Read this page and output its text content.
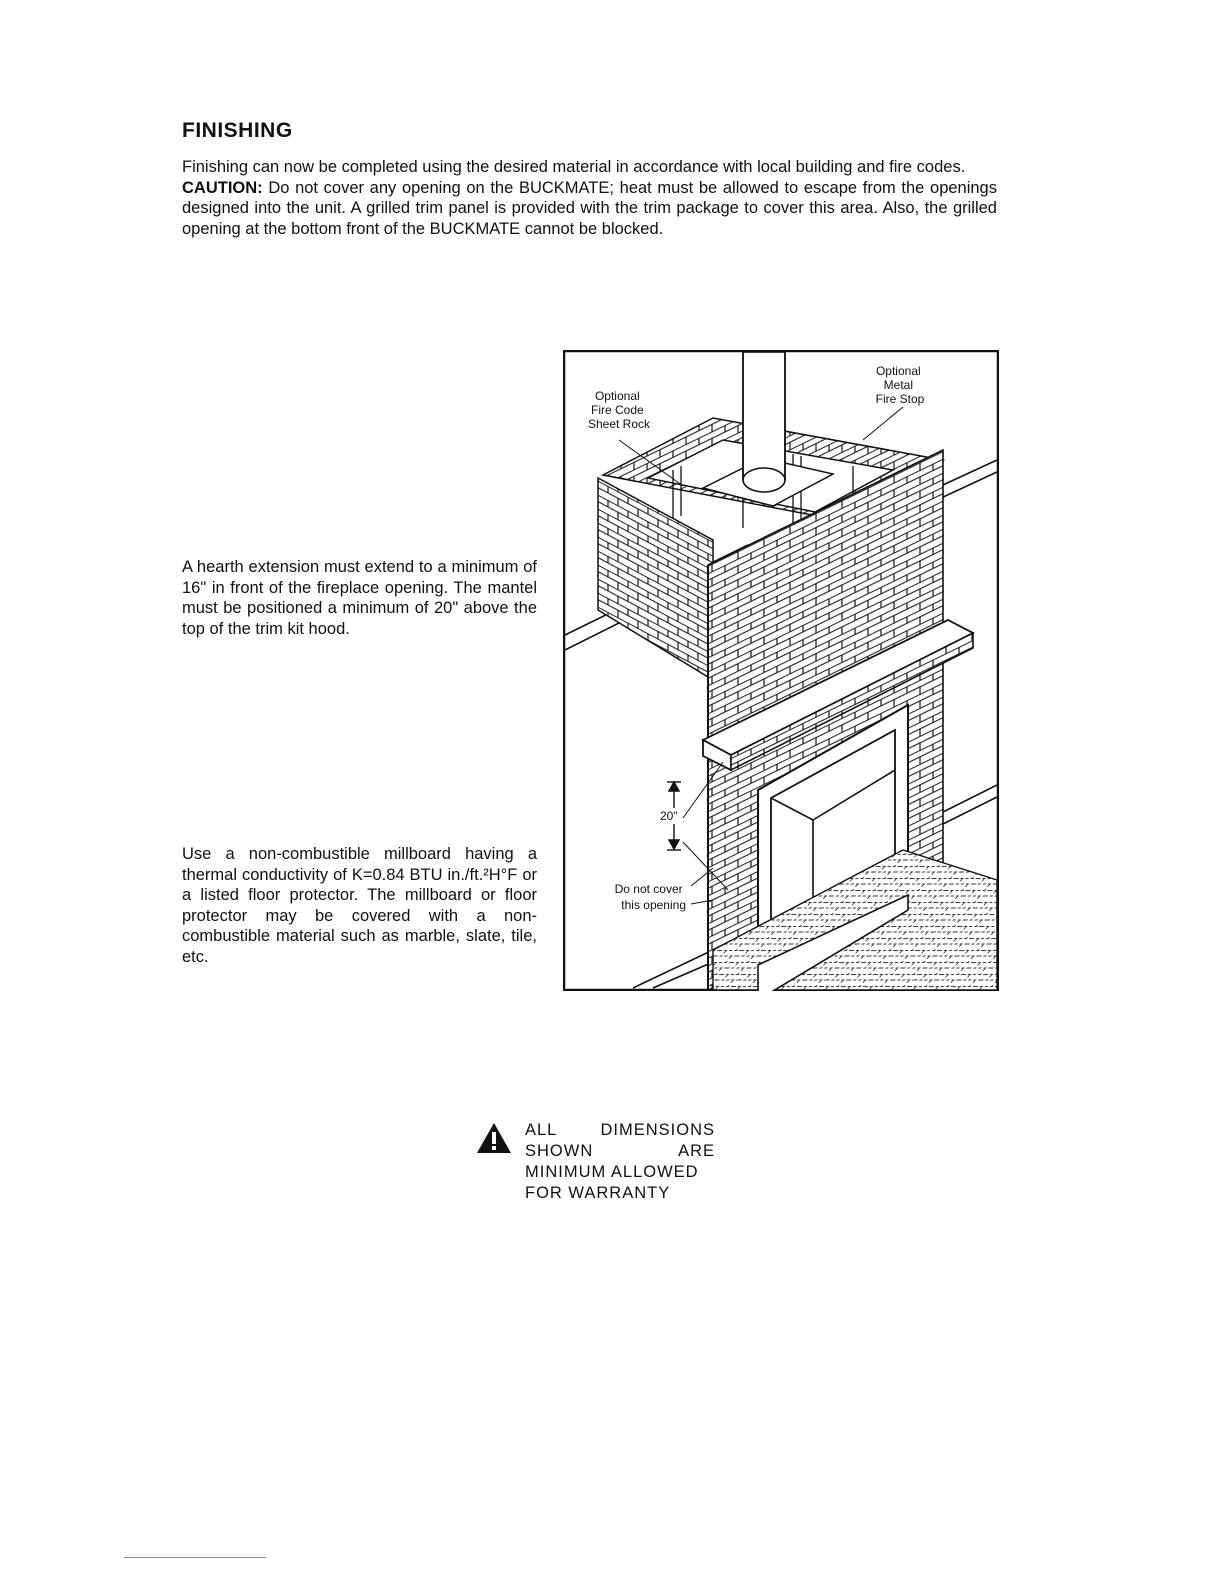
FINISHING

Finishing can now be completed using the desired material in accordance with local building and fire codes.

CAUTION: Do not cover any opening on the BUCKMATE; heat must be allowed to escape from the openings designed into the unit. A grilled trim panel is provided with the trim package to cover this area. Also, the grilled opening at the bottom front of the BUCKMATE cannot be blocked.

A hearth extension must extend to a minimum of 16" in front of the fireplace opening. The mantel must be positioned a minimum of 20" above the top of the trim kit hood.
Use a non-combustible millboard having a thermal conductivity of K=0.84 BTU in./ft.²H°F or a listed floor protector. The millboard or floor protector may be covered with a non-combustible material such as marble, slate, tile, etc.
Optional Fire Code Sheet Rock
Optional Metal Fire Stop
20"
Do not cover this opening
ALL	DIMENSIONS
SHOWN	ARE
MINIMUM ALLOWED
FOR WARRANTY
